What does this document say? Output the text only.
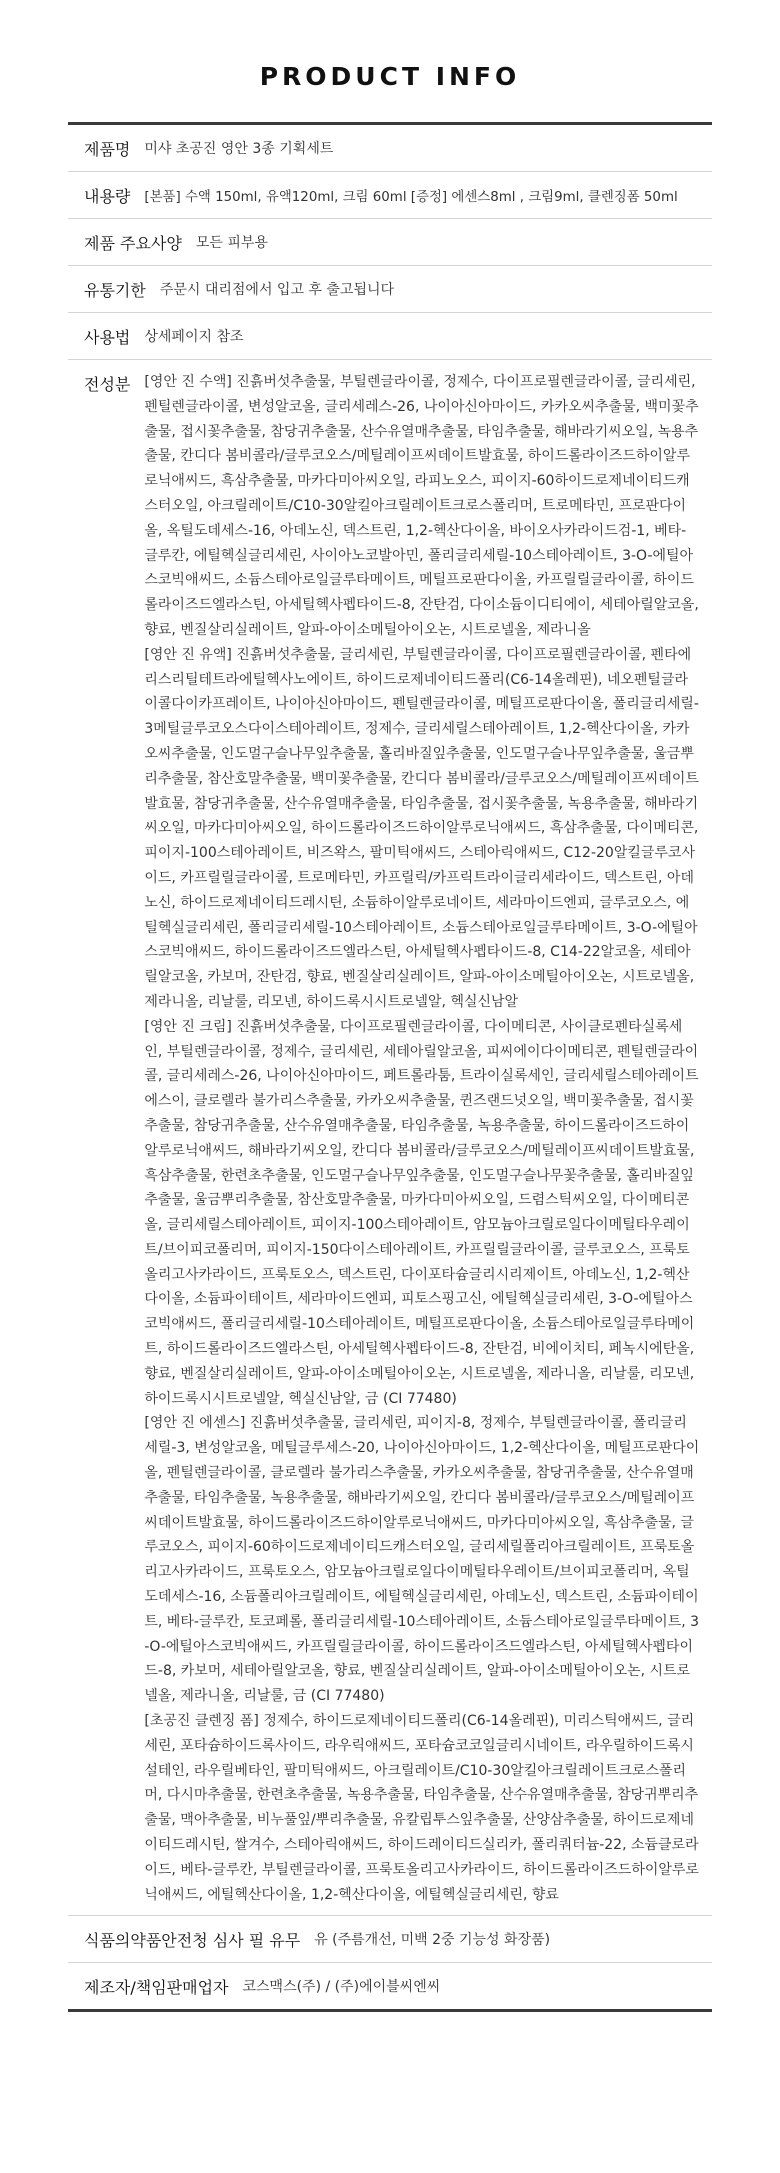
PRODUCT INFO
제품명	미샤 초공진 영안 3종 기획세트
내용량	[본품] 수액 150ml, 유액120ml, 크림 60ml [증정] 에센스8ml , 크림9ml, 클렌징폼 50ml
제품 주요사양	모든 피부용
유통기한	주문시 대리점에서 입고 후 출고됩니다
사용법	상세페이지 참조
전성분 [영안 진 수액] 진흙버섯추출물, 부틸렌글라이콜, 정제수, 다이프로필렌글라이콜, 글리세린, 펜틸렌글라이콜, 변성알코올, 글리세레스-26, 나이아신아마이드, 카카오씨추출물, 백미꽃추출물, 접시꽃추출물, 참당귀추출물, 산수유열매추출물, 타임추출물, 해바라기씨오일, 녹용추출물, 칸디다 봄비콜라/글루코오스/메틸레이프씨데이트발효물, 하이드롤라이즈드하이알루로닉애씨드, 흑삼추출물, 마카다미아씨오일, 라피노오스, 피이지-60하이드로제네이티드캐스터오일, 아크릴레이트/C10-30알킬아크릴레이트크로스폴리머, 트로메타민, 프로판다이올, 옥틸도데세스-16, 아데노신, 덱스트린, 1,2-헥산다이올, 바이오사카라이드검-1, 베타-글루칸, 에틸헥실글리세린, 사이아노코발아민, 폴리글리세릴-10스테아레이트, 3-O-에틸아스코빅애씨드, 소듐스테아로일글루타메이트, 메틸프로판다이올, 카프릴릴글라이콜, 하이드롤라이즈드엘라스틴, 아세틸헥사펩타이드-8, 잔탄검, 다이소듐이디티에이, 세테아릴알코올, 향료, 벤질살리실레이트, 알파-아이소메틸아이오논, 시트로넬올, 제라니올

[영안 진 유액] 진흙버섯추출물, 글리세린, 부틸렌글라이콜, 다이프로필렌글라이콜, 펜타에리스리틸테트라에틸헥사노에이트, 하이드로제네이티드폴리(C6-14올레핀), 네오펜틸글라이콜다이카프레이트, 나이아신아마이드, 펜틸렌글라이콜, 메틸프로판다이올, 폴리글리세릴-3메틸글루코오스다이스테아레이트, 정제수, 글리세릴스테아레이트, 1,2-헥산다이올, 카카오씨추출물, 인도멀구슬나무잎추출물, 홀리바질잎추출물, 인도멀구슬나무잎추출물, 울금뿌리추출물, 참산호말추출물, 백미꽃추출물, 칸디다 봄비콜라/글루코오스/메틸레이프씨데이트발효물, 참당귀추출물, 산수유열매추출물, 타임추출물, 접시꽃추출물, 녹용추출물, 해바라기씨오일, 마카다미아씨오일, 하이드롤라이즈드하이알루로닉애씨드, 흑삼추출물, 다이메티콘, 피이지-100스테아레이트, 비즈왁스, 팔미틱애씨드, 스테아릭애씨드, C12-20알킬글루코사이드, 카프릴릴글라이콜, 트로메타민, 카프릴릭/카프릭트라이글리세라이드, 덱스트린, 아데노신, 하이드로제네이티드레시틴, 소듐하이알루로네이트, 세라마이드엔피, 글루코오스, 에틸헥실글리세린, 폴리글리세릴-10스테아레이트, 소듐스테아로일글루타메이트, 3-O-에틸아스코빅애씨드, 하이드롤라이즈드엘라스틴, 아세틸헥사펩타이드-8, C14-22알코올, 세테아릴알코올, 카보머, 잔탄검, 향료, 벤질살리실레이트, 알파-아이소메틸아이오논, 시트로넬올, 제라니올, 리날룰, 리모넨, 하이드록시시트로넬알, 헥실신남알

[영안 진 크림] 진흙버섯추출물, 다이프로필렌글라이콜, 다이메티콘, 사이클로펜타실록세인, 부틸렌글라이콜, 정제수, 글리세린, 세테아릴알코올, 피씨에이다이메티콘, 펜틸렌글라이콜, 글리세레스-26, 나이아신아마이드, 페트롤라툼, 트라이실록세인, 글리세릴스테아레이트에스이, 클로렐라 불가리스추출물, 카카오씨추출물, 퀸즈랜드넛오일, 백미꽃추출물, 접시꽃추출물, 참당귀추출물, 산수유열매추출물, 타임추출물, 녹용추출물, 하이드롤라이즈드하이알루로닉애씨드, 해바라기씨오일, 칸디다 봄비콜라/글루코오스/메틸레이프씨데이트발효물, 흑삼추출물, 한련초추출물, 인도멀구슬나무잎추출물, 인도멀구슬나무꽃추출물, 홀리바질잎추출물, 울금뿌리추출물, 참산호말추출물, 마카다미아씨오일, 드렴스틱씨오일, 다이메티콘올, 글리세릴스테아레이트, 피이지-100스테아레이트, 암모늄아크릴로일다이메틸타우레이트/브이피코폴리머, 피이지-150다이스테아레이트, 카프릴릴글라이콜, 글루코오스, 프룩토올리고사카라이드, 프룩토오스, 덱스트린, 다이포타슘글리시리제이트, 아데노신, 1,2-헥산다이올, 소듐파이테이트, 세라마이드엔피, 피토스핑고신, 에틸헥실글리세린, 3-O-에틸아스코빅애씨드, 폴리글리세릴-10스테아레이트, 메틸프로판다이올, 소듐스테아로일글루타메이트, 하이드롤라이즈드엘라스틴, 아세틸헥사펩타이드-8, 잔탄검, 비에이치티, 페녹시에탄올, 향료, 벤질살리실레이트, 알파-아이소메틸아이오논, 시트로넬올, 제라니올, 리날룰, 리모넨, 하이드록시시트로넬알, 헥실신남알, 금 (CI 77480)

[영안 진 에센스] 진흙버섯추출물, 글리세린, 피이지-8, 정제수, 부틸렌글라이콜, 폴리글리세릴-3, 변성알코올, 메틸글루세스-20, 나이아신아마이드, 1,2-헥산다이올, 메틸프로판다이올, 펜틸렌글라이콜, 클로렐라 불가리스추출물, 카카오씨추출물, 참당귀추출물, 산수유열매추출물, 타임추출물, 녹용추출물, 해바라기씨오일, 칸디다 봄비콜라/글루코오스/메틸레이프씨데이트발효물, 하이드롤라이즈드하이알루로닉애씨드, 마카다미아씨오일, 흑삼추출물, 글루코오스, 피이지-60하이드로제네이티드캐스터오일, 글리세릴폴리아크릴레이트, 프룩토올리고사카라이드, 프룩토오스, 암모늄아크릴로일다이메틸타우레이트/브이피코폴리머, 옥틸도데세스-16, 소듐폴리아크릴레이트, 에틸헥실글리세린, 아데노신, 덱스트린, 소듐파이테이트, 베타-글루칸, 토코페롤, 폴리글리세릴-10스테아레이트, 소듐스테아로일글루타메이트, 3-O-에틸아스코빅애씨드, 카프릴릴글라이콜, 하이드롤라이즈드엘라스틴, 아세틸헥사펩타이드-8, 카보머, 세테아릴알코올, 향료, 벤질살리실레이트, 알파-아이소메틸아이오논, 시트로넬올, 제라니올, 리날룰, 금 (CI 77480)

[초공진 클렌징 폼] 정제수, 하이드로제네이티드폴리(C6-14올레핀), 미리스틱애씨드, 글리세린, 포타슘하이드록사이드, 라우릭애씨드, 포타슘코코일글리시네이트, 라우릴하이드록시설테인, 라우릴베타인, 팔미틱애씨드, 아크릴레이트/C10-30알킬아크릴레이트크로스폴리머, 다시마추출물, 한련초추출물, 녹용추출물, 타임추출물, 산수유열매추출물, 참당귀뿌리추출물, 맥아추출물, 비누풀잎/뿌리추출물, 유칼립투스잎추출물, 산양삼추출물, 하이드로제네이티드레시틴, 쌀겨수, 스테아릭애씨드, 하이드레이티드실리카, 폴리쿼터늄-22, 소듐클로라이드, 베타-글루칸, 부틸렌글라이콜, 프룩토올리고사카라이드, 하이드롤라이즈드하이알루로닉애씨드, 에틸헥산다이올, 1,2-헥산다이올, 에틸헥실글리세린, 향료

식품의약품안전청 심사 필 유무	유 (주름개선, 미백 2중 기능성 화장품)
제조자/책임판매업자	코스맥스(주) / (주)에이블씨엔씨
